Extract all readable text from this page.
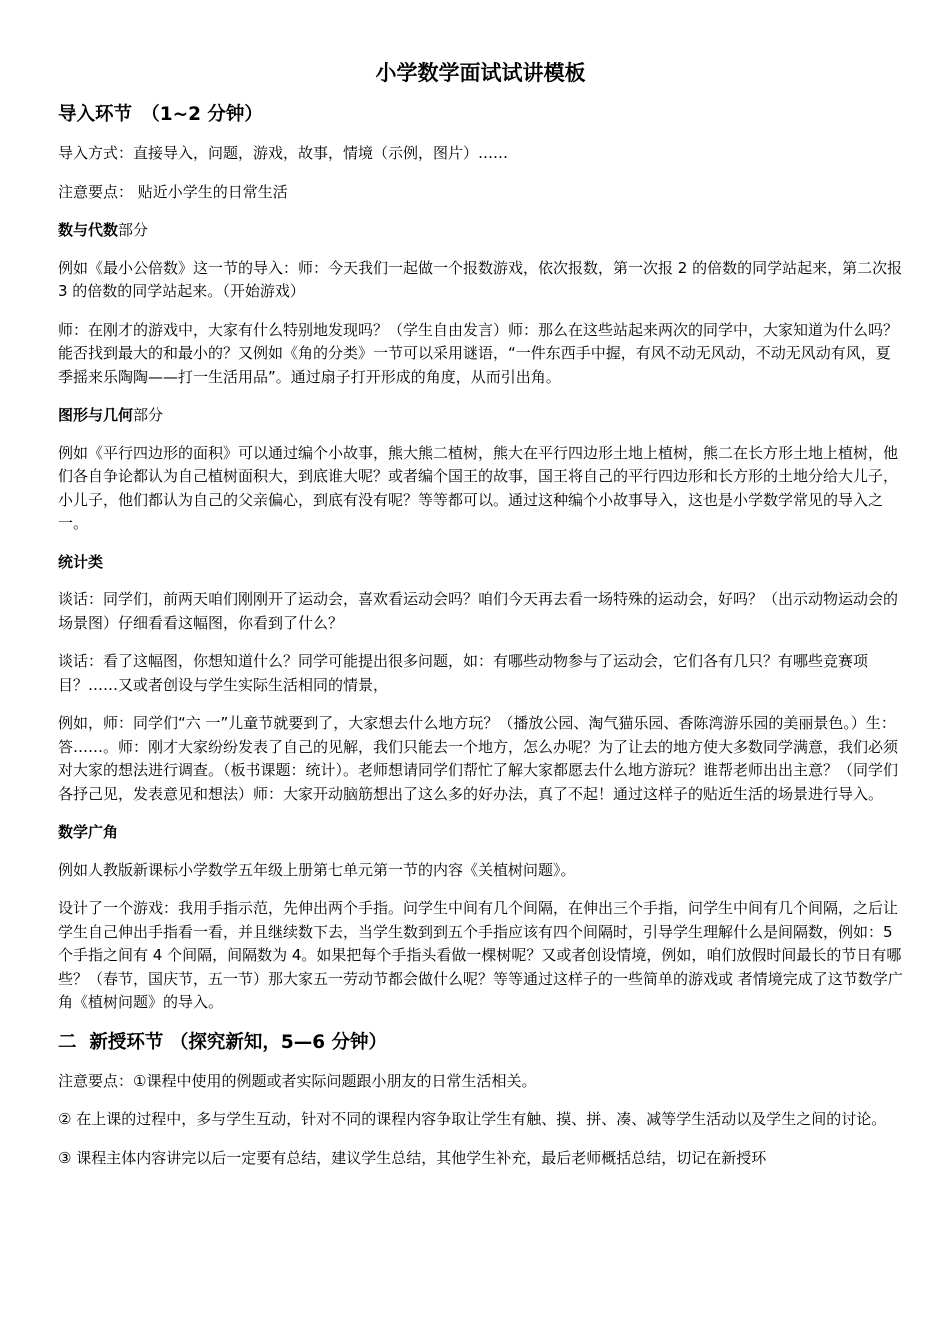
小学数学面试试讲模板
导入环节　（1~2 分钟）
导入方式：直接导入，问题，游戏，故事，情境（示例，图片）……
注意要点： 贴近小学生的日常生活
数与代数部分
例如《最小公倍数》这一节的导入：师：今天我们一起做一个报数游戏，依次报数，第一次报 2 的倍数的同学站起来，第二次报 3 的倍数的同学站起来。（开始游戏）
师：在刚才的游戏中，大家有什么特别地发现吗？（学生自由发言）师：那么在这些站起来两次的同学中，大家知道为什么吗？能否找到最大的和最小的？又例如《角的分类》一节可以采用谜语，“一件东西手中握，有风不动无风动，不动无风动有风，夏季摇来乐陶陶——打一生活用品”。通过扇子打开形成的角度，从而引出角。
图形与几何部分
例如《平行四边形的面积》可以通过编个小故事，熊大熊二植树，熊大在平行四边形土地上植树，熊二在长方形土地上植树，他们各自争论都认为自己植树面积大，到底谁大呢？或者编个国王的故事，国王将自己的平行四边形和长方形的土地分给大儿子，小儿子，他们都认为自己的父亲偏心，到底有没有呢？等等都可以。通过这种编个小故事导入，这也是小学数学常见的导入之一。
统计类
谈话：同学们，前两天咱们刚刚开了运动会，喜欢看运动会吗？咱们今天再去看一场特殊的运动会，好吗？（出示动物运动会的场景图）仔细看看这幅图，你看到了什么？
谈话：看了这幅图，你想知道什么？同学可能提出很多问题，如：有哪些动物参与了运动会，它们各有几只？有哪些竞赛项目？……又或者创设与学生实际生活相同的情景，
例如，师：同学们“六 一”儿童节就要到了，大家想去什么地方玩？（播放公园、淘气猫乐园、香陈湾游乐园的美丽景色。）生：答……。师：刚才大家纷纷发表了自己的见解，我们只能去一个地方，怎么办呢？为了让去的地方使大多数同学满意，我们必须对大家的想法进行调查。（板书课题：统计）。老师想请同学们帮忙了解大家都愿去什么地方游玩？谁帮老师出出主意？（同学们各抒己见，发表意见和想法）师：大家开动脑筋想出了这么多的好办法，真了不起！通过这样子的贴近生活的场景进行导入。
数学广角
例如人教版新课标小学数学五年级上册第七单元第一节的内容《关植树问题》。
设计了一个游戏：我用手指示范，先伸出两个手指。问学生中间有几个间隔，在伸出三个手指，问学生中间有几个间隔，之后让学生自己伸出手指看一看，并且继续数下去，当学生数到到五个手指应该有四个间隔时，引导学生理解什么是间隔数，例如：5 个手指之间有 4 个间隔，间隔数为 4。如果把每个手指头看做一棵树呢？又或者创设情境，例如，咱们放假时间最长的节日有哪些？（春节，国庆节，五一节）那大家五一劳动节都会做什么呢？等等通过这样子的一些简单的游戏或 者情境完成了这节数学广角《植树问题》的导入。
二  新授环节 （探究新知，5—6 分钟）
注意要点：①课程中使用的例题或者实际问题跟小朋友的日常生活相关。
② 在上课的过程中，多与学生互动，针对不同的课程内容争取让学生有触、摸、拼、凑、减等学生活动以及学生之间的讨论。
③ 课程主体内容讲完以后一定要有总结，建议学生总结，其他学生补充，最后老师概括总结，切记在新授环
